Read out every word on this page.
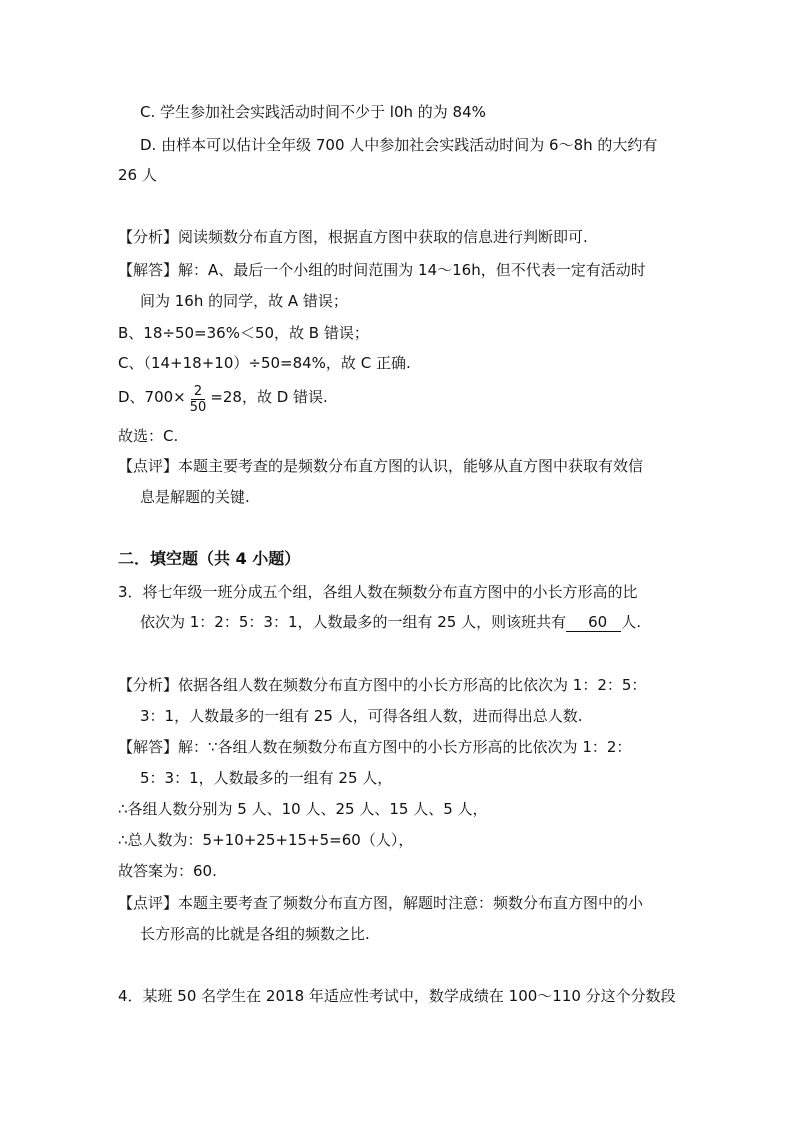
C. 学生参加社会实践活动时间不少于 l0h 的为 84%
D. 由样本可以估计全年级 700 人中参加社会实践活动时间为 6～8h 的大约有
26 人
【分析】阅读频数分布直方图，根据直方图中获取的信息进行判断即可.
【解答】解：A、最后一个小组的时间范围为 14～16h，但不代表一定有活动时
间为 16h 的同学，故 A 错误；
B、18÷50=36%＜50，故 B 错误；
C、（14+18+10）÷50=84%，故 C 正确.
D、$700\times \frac{2}{50} =28$，故 D 错误.
故选：C.
【点评】本题主要考查的是频数分布直方图的认识，能够从直方图中获取有效信
息是解题的关键.
二．填空题（共 4 小题）
3．将七年级一班分成五个组，各组人数在频数分布直方图中的小长方形高的比
依次为 1：2：5：3：1，人数最多的一组有 25 人，则该班共有 60 人.
【分析】依据各组人数在频数分布直方图中的小长方形高的比依次为 1：2：5：
3：1，人数最多的一组有 25 人，可得各组人数，进而得出总人数.
【解答】解：∵各组人数在频数分布直方图中的小长方形高的比依次为 1：2：
5：3：1，人数最多的一组有 25 人，
∴各组人数分别为 5 人、10 人、25 人、15 人、5 人，
∴总人数为：5+10+25+15+5=60（人），
故答案为：60.
【点评】本题主要考查了频数分布直方图，解题时注意：频数分布直方图中的小
长方形高的比就是各组的频数之比.
4．某班 50 名学生在 2018 年适应性考试中，数学成绩在 100～110 分这个分数段
